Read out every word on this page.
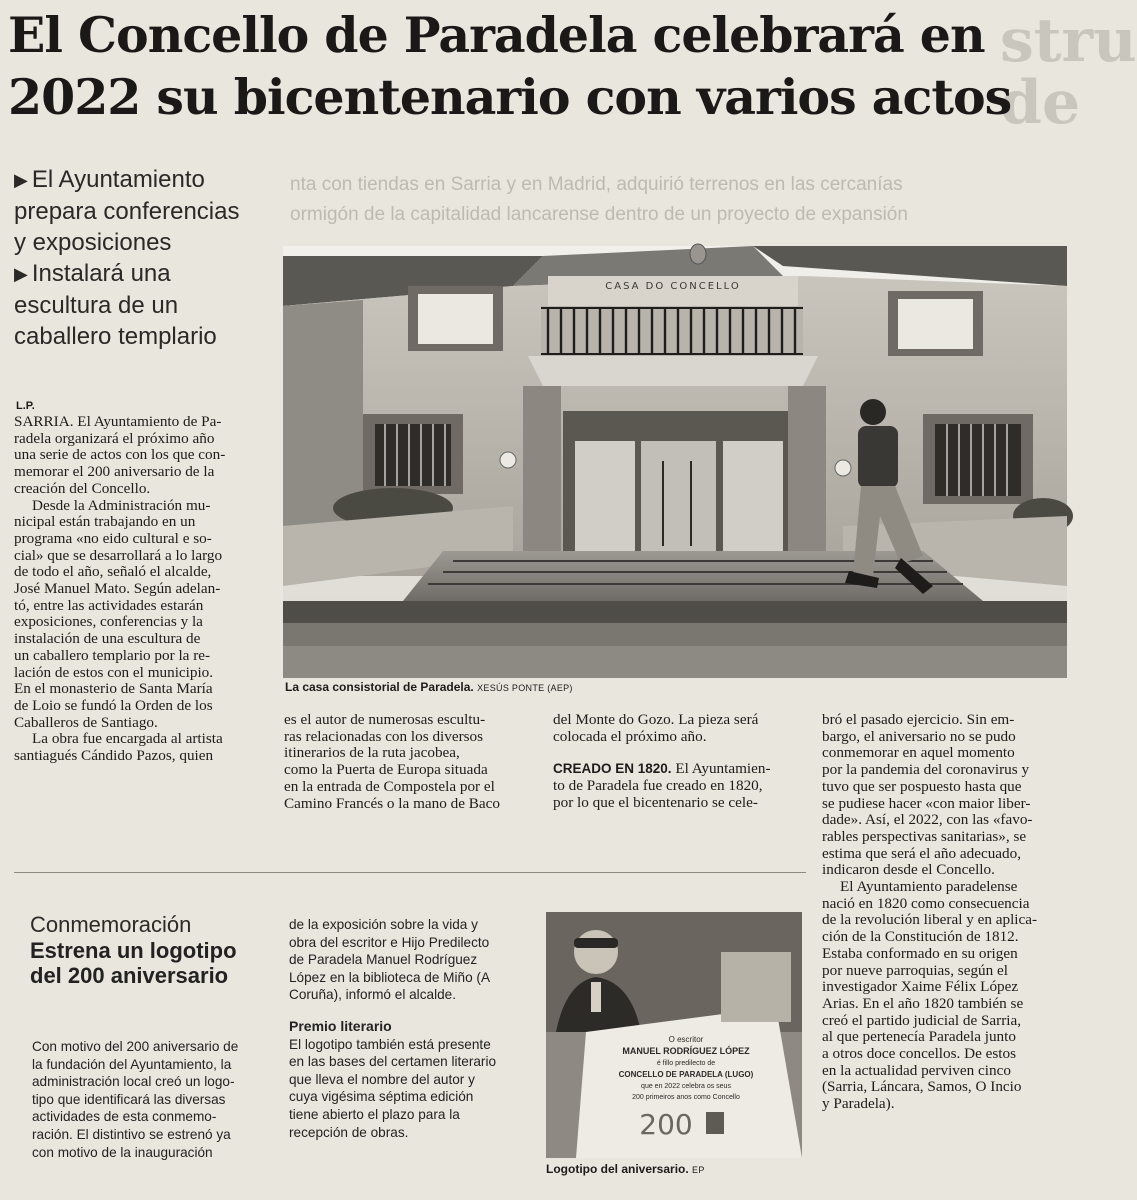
stru
de
nta con tiendas en Sarria y en Madrid, adquirió terrenos en las cercanías
ormigón de la capitalidad lancarense dentro de un proyecto de expansión
El Concello de Paradela celebrará en
2022 su bicentenario con varios actos
▶ El Ayuntamiento
prepara conferencias
y exposiciones
▶ Instalará una
escultura de un
caballero templario
L.P.
SARRIA. El Ayuntamiento de Pa-
radela organizará el próximo año
una serie de actos con los que con-
memorar el 200 aniversario de la
creación del Concello.
Desde la Administración mu-
nicipal están trabajando en un
programa «no eido cultural e so-
cial» que se desarrollará a lo largo
de todo el año, señaló el alcalde,
José Manuel Mato. Según adelan-
tó, entre las actividades estarán
exposiciones, conferencias y la
instalación de una escultura de
un caballero templario por la re-
lación de estos con el municipio.
En el monasterio de Santa María
de Loio se fundó la Orden de los
Caballeros de Santiago.
La obra fue encargada al artista
santiagués Cándido Pazos, quien
CASA DO CONCELLO
La casa consistorial de Paradela. XESÚS PONTE (AEP)
es el autor de numerosas escultu-
ras relacionadas con los diversos
itinerarios de la ruta jacobea,
como la Puerta de Europa situada
en la entrada de Compostela por el
Camino Francés o la mano de Baco
del Monte do Gozo. La pieza será
colocada el próximo año.
CREADO EN 1820. El Ayuntamien-
to de Paradela fue creado en 1820,
por lo que el bicentenario se cele-
bró el pasado ejercicio. Sin em-
bargo, el aniversario no se pudo
conmemorar en aquel momento
por la pandemia del coronavirus y
tuvo que ser pospuesto hasta que
se pudiese hacer «con maior liber-
dade». Así, el 2022, con las «favo-
rables perspectivas sanitarias», se
estima que será el año adecuado,
indicaron desde el Concello.
El Ayuntamiento paradelense
nació en 1820 como consecuencia
de la revolución liberal y en aplica-
ción de la Constitución de 1812.
Estaba conformado en su origen
por nueve parroquias, según el
investigador Xaime Félix López
Arias. En el año 1820 también se
creó el partido judicial de Sarria,
al que pertenecía Paradela junto
a otros doce concellos. De estos
en la actualidad perviven cinco
(Sarria, Láncara, Samos, O Incio
y Paradela).
Conmemoración
Estrena un logotipo
del 200 aniversario
Con motivo del 200 aniversario de
la fundación del Ayuntamiento, la
administración local creó un logo-
tipo que identificará las diversas
actividades de esta conmemo-
ración. El distintivo se estrenó ya
con motivo de la inauguración
de la exposición sobre la vida y
obra del escritor e Hijo Predilecto
de Paradela Manuel Rodríguez
López en la biblioteca de Miño (A
Coruña), informó el alcalde.
Premio literario
El logotipo también está presente
en las bases del certamen literario
que lleva el nombre del autor y
cuya vigésima séptima edición
tiene abierto el plazo para la
recepción de obras.
O escritor
MANUEL RODRÍGUEZ LÓPEZ
é fillo predilecto de
CONCELLO DE PARADELA (LUGO)
que en 2022 celebra os seus
200 primeiros anos como Concello
200
Logotipo del aniversario. EP
